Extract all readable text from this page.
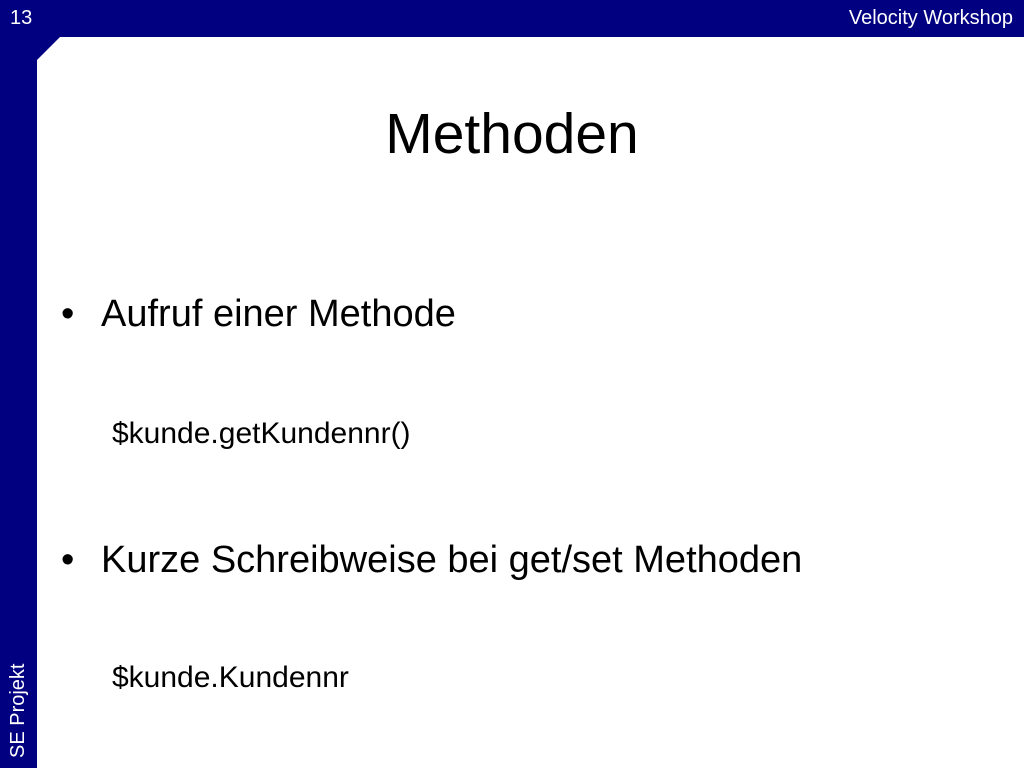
13	Velocity Workshop
SE Projekt
Methoden
• Aufruf einer Methode
$kunde.getKundennr()
• Kurze Schreibweise bei get/set Methoden
$kunde.Kundennr
